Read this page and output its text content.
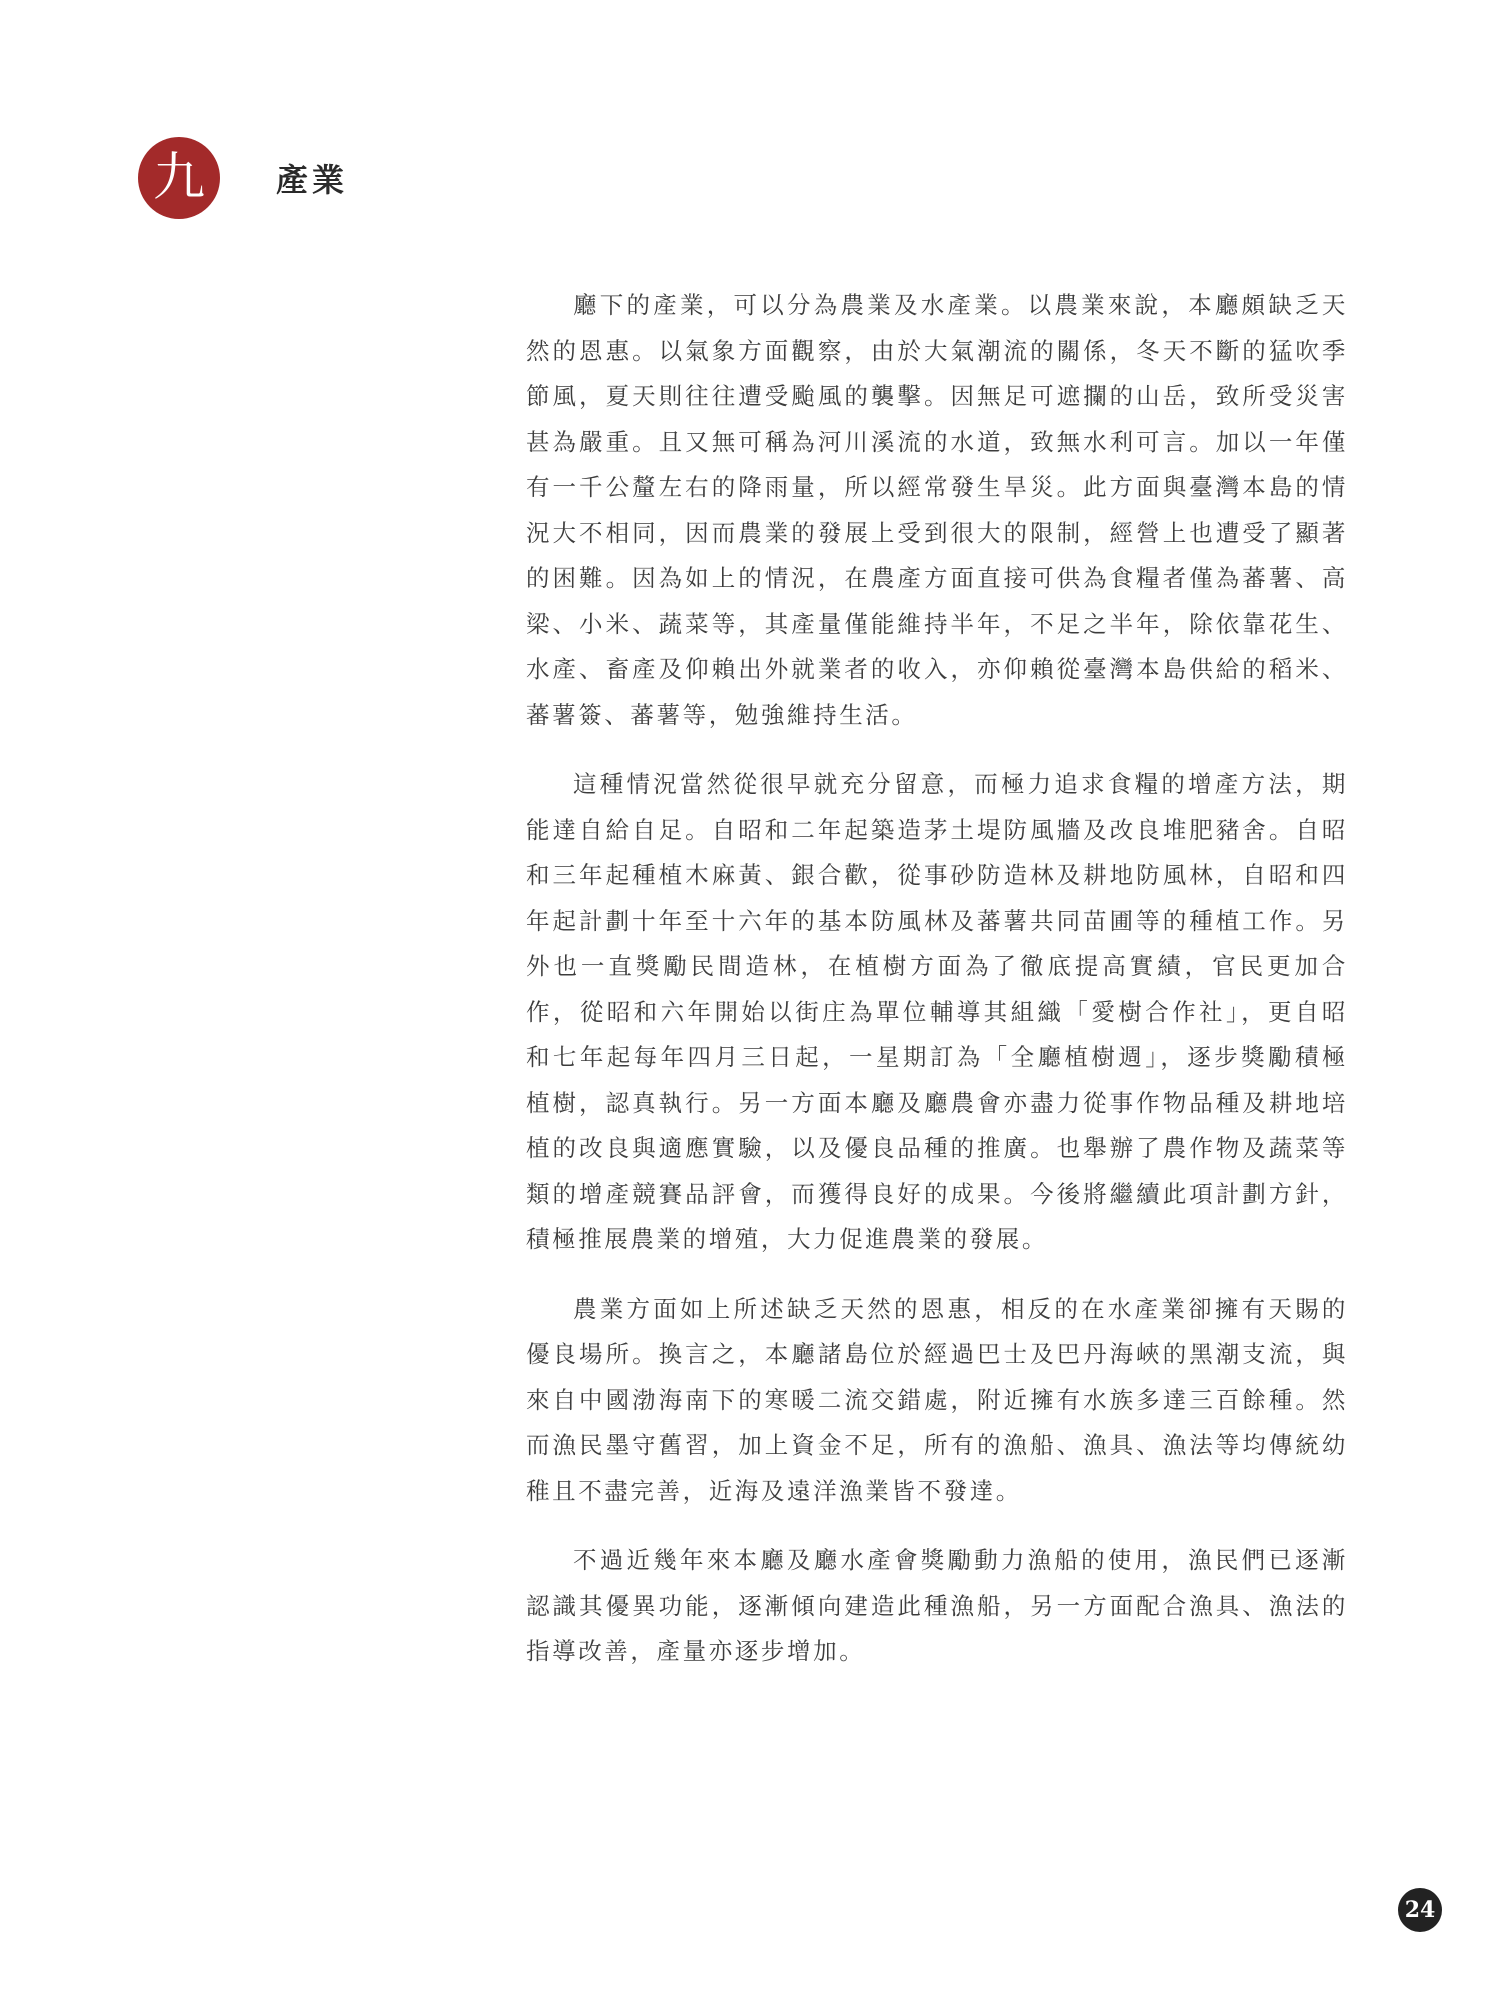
九	產業

廳下的產業，可以分為農業及水產業。以農業來說，本廳頗缺乏天然的恩惠。以氣象方面觀察，由於大氣潮流的關係，冬天不斷的猛吹季節風，夏天則往往遭受颱風的襲擊。因無足可遮攔的山岳，致所受災害甚為嚴重。且又無可稱為河川溪流的水道，致無水利可言。加以一年僅有一千公釐左右的降雨量，所以經常發生旱災。此方面與臺灣本島的情況大不相同，因而農業的發展上受到很大的限制，經營上也遭受了顯著的困難。因為如上的情況，在農產方面直接可供為食糧者僅為蕃薯、高梁、小米、蔬菜等，其產量僅能維持半年，不足之半年，除依靠花生、水產、畜產及仰賴出外就業者的收入，亦仰賴從臺灣本島供給的稻米、蕃薯簽、蕃薯等，勉強維持生活。

這種情況當然從很早就充分留意，而極力追求食糧的增產方法，期能達自給自足。自昭和二年起築造茅土堤防風牆及改良堆肥豬舍。自昭和三年起種植木麻黃、銀合歡，從事砂防造林及耕地防風林，自昭和四年起計劃十年至十六年的基本防風林及蕃薯共同苗圃等的種植工作。另外也一直獎勵民間造林，在植樹方面為了徹底提高實績，官民更加合作，從昭和六年開始以街庄為單位輔導其組織「愛樹合作社」，更自昭和七年起每年四月三日起，一星期訂為「全廳植樹週」，逐步獎勵積極植樹，認真執行。另一方面本廳及廳農會亦盡力從事作物品種及耕地培植的改良與適應實驗，以及優良品種的推廣。也舉辦了農作物及蔬菜等類的增產競賽品評會，而獲得良好的成果。今後將繼續此項計劃方針，積極推展農業的增殖，大力促進農業的發展。

農業方面如上所述缺乏天然的恩惠，相反的在水產業卻擁有天賜的優良場所。換言之，本廳諸島位於經過巴士及巴丹海峽的黑潮支流，與來自中國渤海南下的寒暖二流交錯處，附近擁有水族多達三百餘種。然而漁民墨守舊習，加上資金不足，所有的漁船、漁具、漁法等均傳統幼稚且不盡完善，近海及遠洋漁業皆不發達。

不過近幾年來本廳及廳水產會獎勵動力漁船的使用，漁民們已逐漸認識其優異功能，逐漸傾向建造此種漁船，另一方面配合漁具、漁法的指導改善，產量亦逐步增加。

24
